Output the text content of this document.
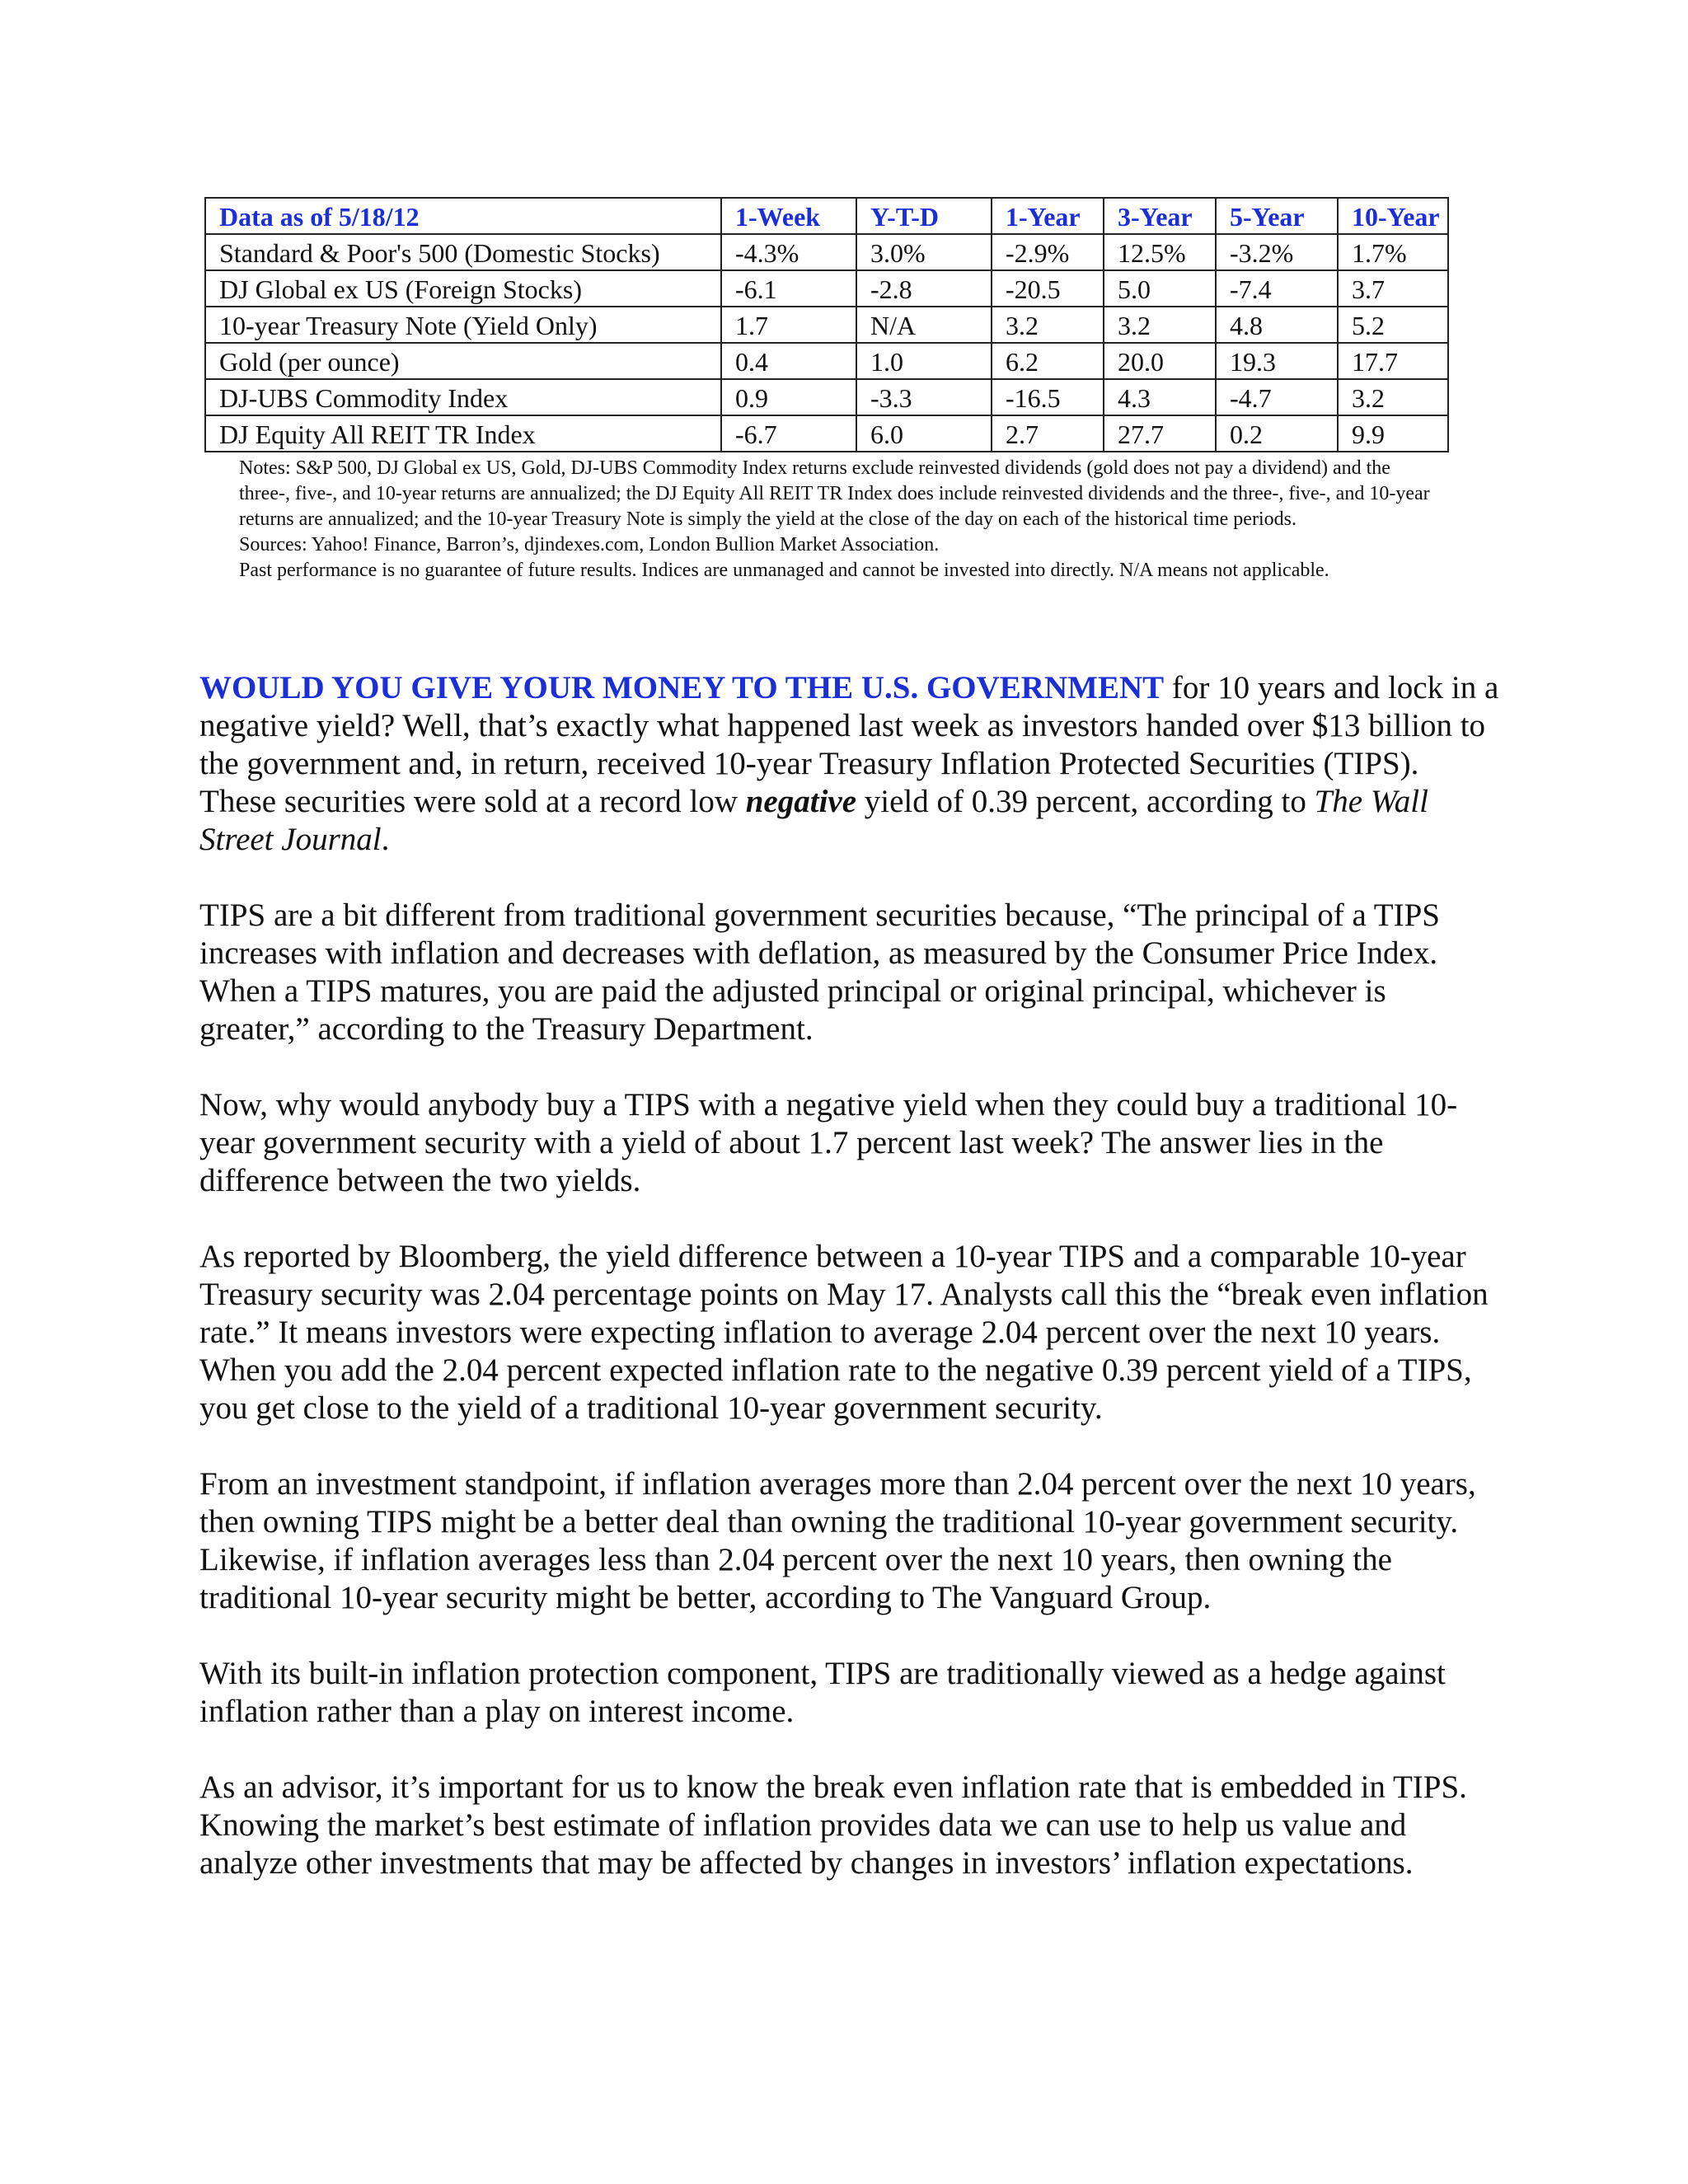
Data as of 5/18/12	1-Week	Y-T-D	1-Year	3-Year	5-Year	10-Year
Standard & Poor's 500 (Domestic Stocks)	-4.3%	3.0%	-2.9%	12.5%	-3.2%	1.7%
DJ Global ex US (Foreign Stocks)	-6.1	-2.8	-20.5	5.0	-7.4	3.7
10-year Treasury Note (Yield Only)	1.7	N/A	3.2	3.2	4.8	5.2
Gold (per ounce)	0.4	1.0	6.2	20.0	19.3	17.7
DJ-UBS Commodity Index	0.9	-3.3	-16.5	4.3	-4.7	3.2
DJ Equity All REIT TR Index	-6.7	6.0	2.7	27.7	0.2	9.9

Notes: S&P 500, DJ Global ex US, Gold, DJ-UBS Commodity Index returns exclude reinvested dividends (gold does not pay a dividend) and the three-, five-, and 10-year returns are annualized; the DJ Equity All REIT TR Index does include reinvested dividends and the three-, five-, and 10-year returns are annualized; and the 10-year Treasury Note is simply the yield at the close of the day on each of the historical time periods.

Sources: Yahoo! Finance, Barron’s, djindexes.com, London Bullion Market Association.

Past performance is no guarantee of future results. Indices are unmanaged and cannot be invested into directly. N/A means not applicable.

WOULD YOU GIVE YOUR MONEY TO THE U.S. GOVERNMENT for 10 years and lock in a negative yield? Well, that’s exactly what happened last week as investors handed over $13 billion to the government and, in return, received 10-year Treasury Inflation Protected Securities (TIPS). These securities were sold at a record low negative yield of 0.39 percent, according to The Wall Street Journal.

TIPS are a bit different from traditional government securities because, “The principal of a TIPS increases with inflation and decreases with deflation, as measured by the Consumer Price Index. When a TIPS matures, you are paid the adjusted principal or original principal, whichever is greater,” according to the Treasury Department.

Now, why would anybody buy a TIPS with a negative yield when they could buy a traditional 10-year government security with a yield of about 1.7 percent last week? The answer lies in the difference between the two yields.

As reported by Bloomberg, the yield difference between a 10-year TIPS and a comparable 10-year Treasury security was 2.04 percentage points on May 17. Analysts call this the “break even inflation rate.” It means investors were expecting inflation to average 2.04 percent over the next 10 years. When you add the 2.04 percent expected inflation rate to the negative 0.39 percent yield of a TIPS, you get close to the yield of a traditional 10-year government security.

From an investment standpoint, if inflation averages more than 2.04 percent over the next 10 years, then owning TIPS might be a better deal than owning the traditional 10-year government security. Likewise, if inflation averages less than 2.04 percent over the next 10 years, then owning the traditional 10-year security might be better, according to The Vanguard Group.

With its built-in inflation protection component, TIPS are traditionally viewed as a hedge against inflation rather than a play on interest income.

As an advisor, it’s important for us to know the break even inflation rate that is embedded in TIPS. Knowing the market’s best estimate of inflation provides data we can use to help us value and analyze other investments that may be affected by changes in investors’ inflation expectations.
